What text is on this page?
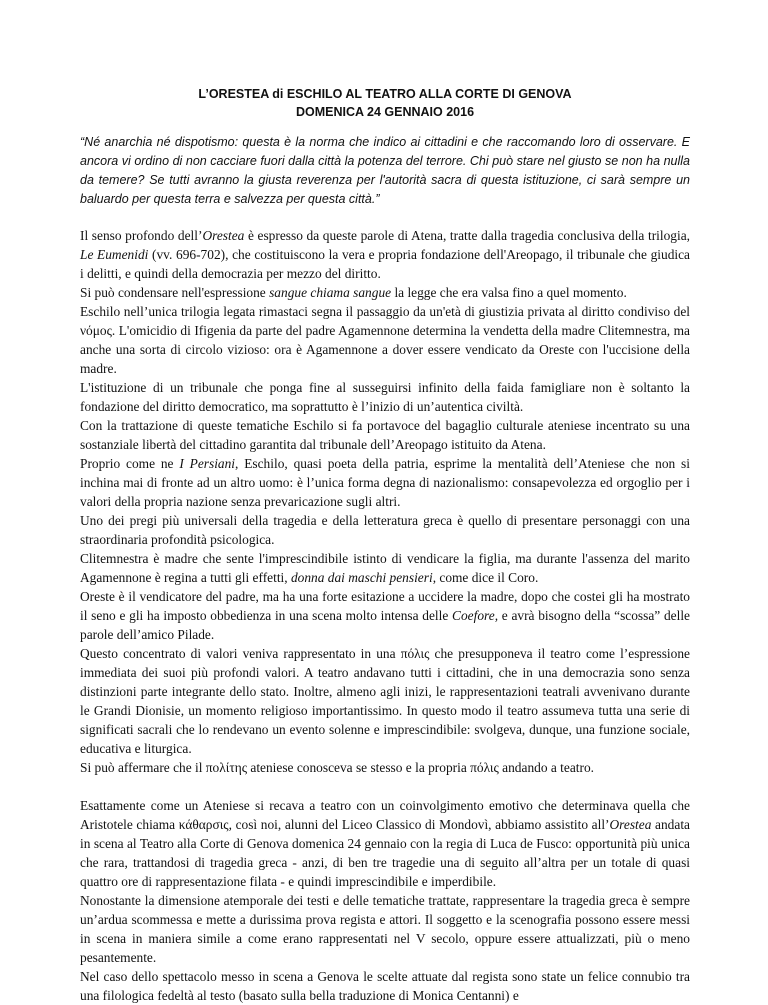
L’ORESTEA di ESCHILO AL TEATRO ALLA CORTE DI GENOVA
DOMENICA 24 GENNAIO 2016

“Né anarchia né dispotismo: questa è la norma che indico ai cittadini e che raccomando loro di osservare. E ancora vi ordino di non cacciare fuori dalla città la potenza del terrore. Chi può stare nel giusto se non ha nulla da temere? Se tutti avranno la giusta reverenza per l'autorità sacra di questa istituzione, ci sarà sempre un baluardo per questa terra e salvezza per questa città.”

Il senso profondo dell’Orestea è espresso da queste parole di Atena, tratte dalla tragedia conclusiva della trilogia, Le Eumenidi (vv. 696-702), che costituiscono la vera e propria fondazione dell'Areopago, il tribunale che giudica i delitti, e quindi della democrazia per mezzo del diritto.

Si può condensare nell'espressione sangue chiama sangue la legge che era valsa fino a quel momento.

Eschilo nell’unica trilogia legata rimastaci segna il passaggio da un'età di giustizia privata al diritto condiviso del νόμος. L'omicidio di Ifigenia da parte del padre Agamennone determina la vendetta della madre Clitemnestra, ma anche una sorta di circolo vizioso: ora è Agamennone a dover essere vendicato da Oreste con l'uccisione della madre.

L'istituzione di un tribunale che ponga fine al susseguirsi infinito della faida famigliare non è soltanto la fondazione del diritto democratico, ma soprattutto è l’inizio di un’autentica civiltà.

Con la trattazione di queste tematiche Eschilo si fa portavoce del bagaglio culturale ateniese incentrato su una sostanziale libertà del cittadino garantita dal tribunale dell’Areopago istituito da Atena.

Proprio come ne I Persiani, Eschilo, quasi poeta della patria, esprime la mentalità dell’Ateniese che non si inchina mai di fronte ad un altro uomo: è l’unica forma degna di nazionalismo: consapevolezza ed orgoglio per i valori della propria nazione senza prevaricazione sugli altri.

Uno dei pregi più universali della tragedia e della letteratura greca è quello di presentare personaggi con una straordinaria profondità psicologica.

Clitemnestra è madre che sente l'imprescindibile istinto di vendicare la figlia, ma durante l'assenza del marito Agamennone è regina a tutti gli effetti, donna dai maschi pensieri, come dice il Coro.

Oreste è il vendicatore del padre, ma ha una forte esitazione a uccidere la madre, dopo che costei gli ha mostrato il seno e gli ha imposto obbedienza in una scena molto intensa delle Coefore, e avrà bisogno della “scossa” delle parole dell’amico Pilade.

Questo concentrato di valori veniva rappresentato in una πόλις che presupponeva il teatro come l’espressione immediata dei suoi più profondi valori. A teatro andavano tutti i cittadini, che in una democrazia sono senza distinzioni parte integrante dello stato. Inoltre, almeno agli inizi, le rappresentazioni teatrali avvenivano durante le Grandi Dionisie, un momento religioso importantissimo. In questo modo il teatro assumeva tutta una serie di significati sacrali che lo rendevano un evento solenne e imprescindibile: svolgeva, dunque, una funzione sociale, educativa e liturgica.

Si può affermare che il πολίτης ateniese conosceva se stesso e la propria πόλις andando a teatro.

Esattamente come un Ateniese si recava a teatro con un coinvolgimento emotivo che determinava quella che Aristotele chiama κάθαρσις, così noi, alunni del Liceo Classico di Mondovì, abbiamo assistito all’Orestea andata in scena al Teatro alla Corte di Genova domenica 24 gennaio con la regia di Luca de Fusco: opportunità più unica che rara, trattandosi di tragedia greca - anzi, di ben tre tragedie una di seguito all’altra per un totale di quasi quattro ore di rappresentazione filata - e quindi imprescindibile e imperdibile.

Nonostante la dimensione atemporale dei testi e delle tematiche trattate, rappresentare la tragedia greca è sempre un’ardua scommessa e mette a durissima prova regista e attori. Il soggetto e la scenografia possono essere messi in scena in maniera simile a come erano rappresentati nel V secolo, oppure essere attualizzati, più o meno pesantemente.

Nel caso dello spettacolo messo in scena a Genova le scelte attuate dal regista sono state un felice connubio tra una filologica fedeltà al testo (basato sulla bella traduzione di Monica Centanni) e
